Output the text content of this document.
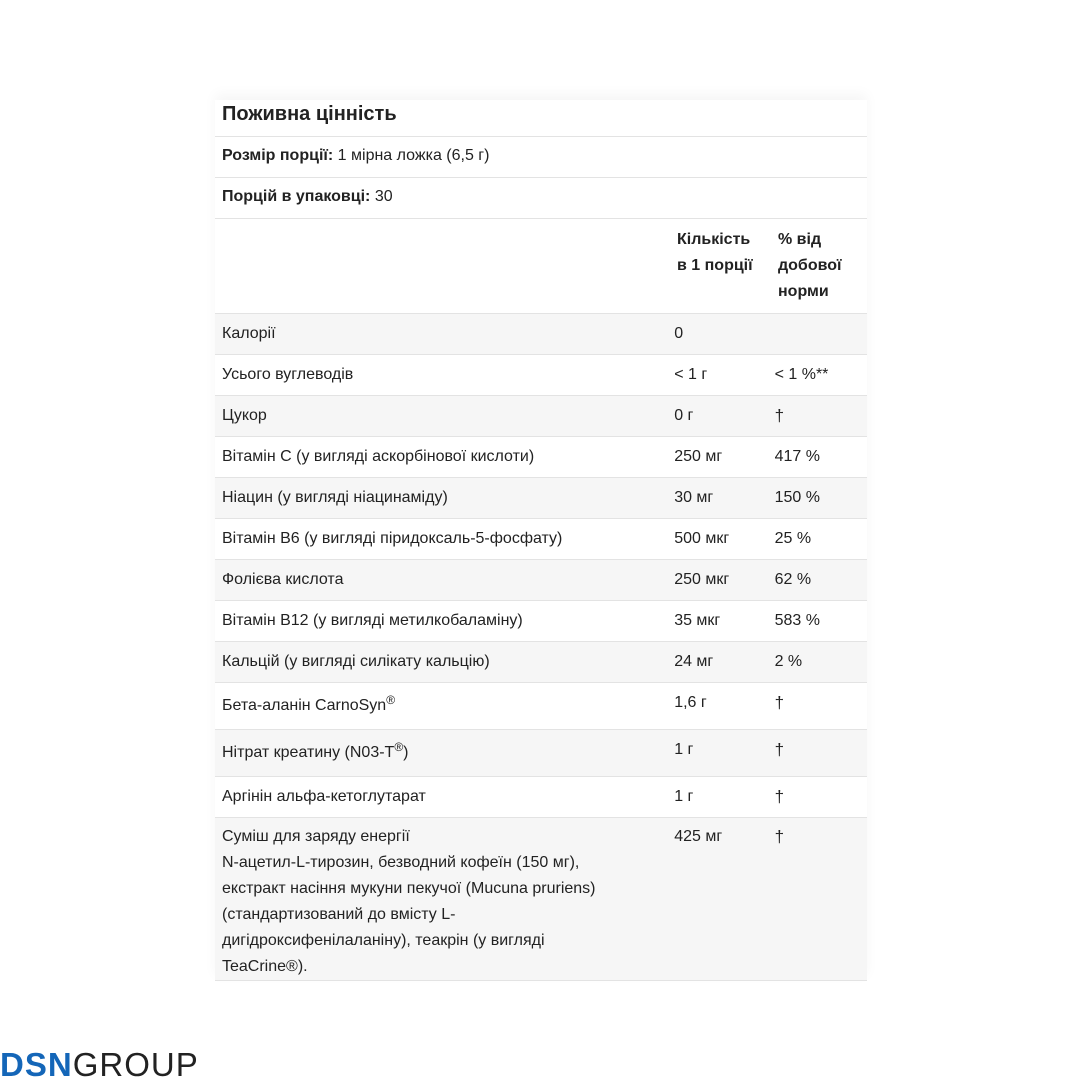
Поживна цінність
Розмір порції: 1 мірна ложка (6,5 г)
Порцій в упаковці: 30
Кількість
в 1 порції
% від
добової
норми
Калорії	0
Усього вуглеводів	< 1 г	< 1 %**
Цукор	0 г	†
Вітамін С (у вигляді аскорбінової кислоти)	250 мг	417 %
Ніацин (у вигляді ніацинаміду)	30 мг	150 %
Вітамін В6 (у вигляді піридоксаль-5-фосфату)	500 мкг	25 %
Фолієва кислота	250 мкг	62 %
Вітамін В12 (у вигляді метилкобаламіну)	35 мкг	583 %
Кальцій (у вигляді силікату кальцію)	24 мг	2 %
Бета-аланін CarnoSyn®	1,6 г	†
Нітрат креатину (N03-T®)	1 г	†
Аргінін альфа-кетоглутарат	1 г	†
Суміш для заряду енергії
N-ацетил-L-тирозин, безводний кофеїн (150 мг),
екстракт насіння мукуни пекучої (Mucuna pruriens)
(стандартизований до вмісту L-
дигідроксифенілаланіну), теакрін (у вигляді
TeaCrine®).
425 мг	†
DSNGROUP
